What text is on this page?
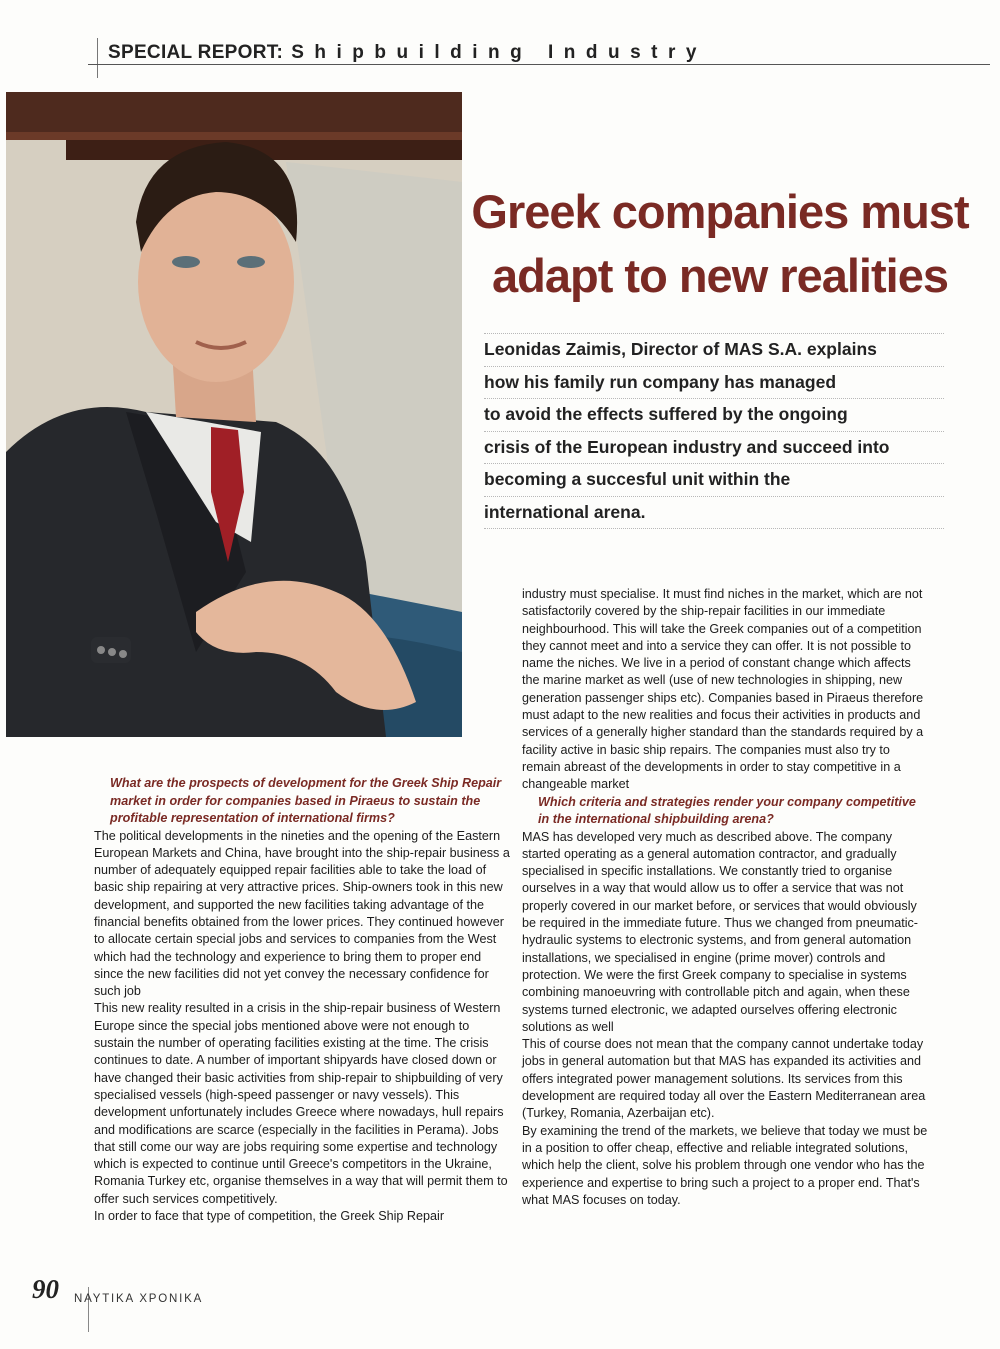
SPECIAL REPORT: Shipbuilding Industry
Greek companies must
adapt to new realities
Leonidas Zaimis, Director of MAS S.A. explains
how his family run company has managed
to avoid the effects suffered by the ongoing
crisis of the European industry and succeed into
becoming a succesful unit within the
international arena.

What are the prospects of development for the Greek Ship Repair market in order for companies based in Piraeus to sustain the profitable representation of international firms?

The political developments in the nineties and the opening of the Eastern European Markets and China, have brought into the ship-repair business a number of adequately equipped repair facilities able to take the load of basic ship repairing at very attractive prices. Ship-owners took in this new development, and supported the new facilities taking advantage of the financial benefits obtained from the lower prices. They continued however to allocate certain special jobs and services to companies from the West which had the technology and experience to bring them to proper end since the new facilities did not yet convey the necessary confidence for such job

This new reality resulted in a crisis in the ship-repair business of Western Europe since the special jobs mentioned above were not enough to sustain the number of operating facilities existing at the time. The crisis continues to date. A number of important shipyards have closed down or have changed their basic activities from ship-repair to shipbuilding of very specialised vessels (high-speed passenger or navy vessels). This development unfortunately includes Greece where nowadays, hull repairs and modifications are scarce (especially in the facilities in Perama). Jobs that still come our way are jobs requiring some expertise and technology which is expected to continue until Greece's competitors in the Ukraine, Romania Turkey etc, organise themselves in a way that will permit them to offer such services competitively.

In order to face that type of competition, the Greek Ship Repair

industry must specialise. It must find niches in the market, which are not satisfactorily covered by the ship-repair facilities in our immediate neighbourhood. This will take the Greek companies out of a competition they cannot meet and into a service they can offer. It is not possible to name the niches. We live in a period of constant change which affects the marine market as well (use of new technologies in shipping, new generation passenger ships etc). Companies based in Piraeus therefore must adapt to the new realities and focus their activities in products and services of a generally higher standard than the standards required by a facility active in basic ship repairs. The companies must also try to remain abreast of the developments in order to stay competitive in a changeable market

Which criteria and strategies render your company competitive in the international shipbuilding arena?

MAS has developed very much as described above. The company started operating as a general automation contractor, and gradually specialised in specific installations. We constantly tried to organise ourselves in a way that would allow us to offer a service that was not properly covered in our market before, or services that would obviously be required in the immediate future. Thus we changed from pneumatic-hydraulic systems to electronic systems, and from general automation installations, we specialised in engine (prime mover) controls and protection. We were the first Greek company to specialise in systems combining manoeuvring with controllable pitch and again, when these systems turned electronic, we adapted ourselves offering electronic solutions as well

This of course does not mean that the company cannot undertake today jobs in general automation but that MAS has expanded its activities and offers integrated power management solutions. Its services from this development are required today all over the Eastern Mediterranean area (Turkey, Romania, Azerbaijan etc).

By examining the trend of the markets, we believe that today we must be in a position to offer cheap, effective and reliable integrated solutions, which help the client, solve his problem through one vendor who has the experience and expertise to bring such a project to a proper end. That's what MAS focuses on today.

90 ΝΑΥΤΙΚΑ ΧΡΟΝΙΚΑ
